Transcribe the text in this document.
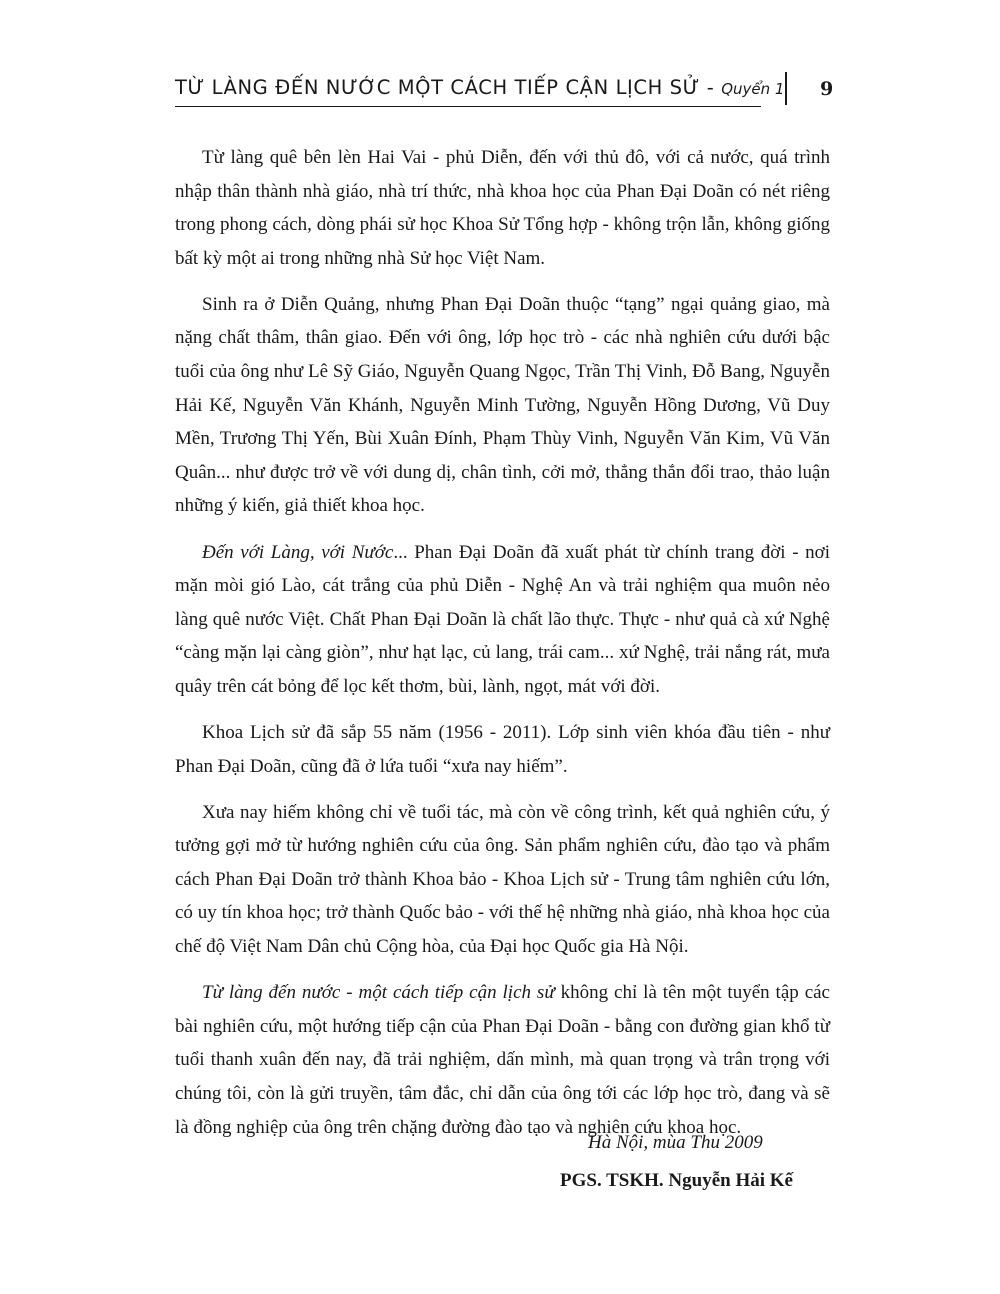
TỪ LÀNG ĐẾN NƯỚC MỘT CÁCH TIẾP CẬN LỊCH SỬ - Quyển 1 9

Từ làng quê bên lèn Hai Vai - phủ Diễn, đến với thủ đô, với cả nước, quá trình nhập thân thành nhà giáo, nhà trí thức, nhà khoa học của Phan Đại Doãn có nét riêng trong phong cách, dòng phái sử học Khoa Sử Tổng hợp - không trộn lẫn, không giống bất kỳ một ai trong những nhà Sử học Việt Nam.

Sinh ra ở Diễn Quảng, nhưng Phan Đại Doãn thuộc “tạng” ngại quảng giao, mà nặng chất thâm, thân giao. Đến với ông, lớp học trò - các nhà nghiên cứu dưới bậc tuổi của ông như Lê Sỹ Giáo, Nguyễn Quang Ngọc, Trần Thị Vinh, Đỗ Bang, Nguyễn Hải Kế, Nguyễn Văn Khánh, Nguyễn Minh Tường, Nguyễn Hồng Dương, Vũ Duy Mền, Trương Thị Yến, Bùi Xuân Đính, Phạm Thùy Vinh, Nguyễn Văn Kim, Vũ Văn Quân... như được trở về với dung dị, chân tình, cởi mở, thẳng thắn đổi trao, thảo luận những ý kiến, giả thiết khoa học.

Đến với Làng, với Nước... Phan Đại Doãn đã xuất phát từ chính trang đời - nơi mặn mòi gió Lào, cát trắng của phủ Diễn - Nghệ An và trải nghiệm qua muôn nẻo làng quê nước Việt. Chất Phan Đại Doãn là chất lão thực. Thực - như quả cà xứ Nghệ “càng mặn lại càng giòn”, như hạt lạc, củ lang, trái cam... xứ Nghệ, trải nắng rát, mưa quây trên cát bỏng để lọc kết thơm, bùi, lành, ngọt, mát với đời.

Khoa Lịch sử đã sắp 55 năm (1956 - 2011). Lớp sinh viên khóa đầu tiên - như Phan Đại Doãn, cũng đã ở lứa tuổi “xưa nay hiếm”.

Xưa nay hiếm không chỉ về tuổi tác, mà còn về công trình, kết quả nghiên cứu, ý tưởng gợi mở từ hướng nghiên cứu của ông. Sản phẩm nghiên cứu, đào tạo và phẩm cách Phan Đại Doãn trở thành Khoa bảo - Khoa Lịch sử - Trung tâm nghiên cứu lớn, có uy tín khoa học; trở thành Quốc bảo - với thế hệ những nhà giáo, nhà khoa học của chế độ Việt Nam Dân chủ Cộng hòa, của Đại học Quốc gia Hà Nội.

Từ làng đến nước - một cách tiếp cận lịch sử không chỉ là tên một tuyển tập các bài nghiên cứu, một hướng tiếp cận của Phan Đại Doãn - bằng con đường gian khổ từ tuổi thanh xuân đến nay, đã trải nghiệm, dấn mình, mà quan trọng và trân trọng với chúng tôi, còn là gửi truyền, tâm đắc, chỉ dẫn của ông tới các lớp học trò, đang và sẽ là đồng nghiệp của ông trên chặng đường đào tạo và nghiên cứu khoa học.

Hà Nội, mùa Thu 2009
PGS. TSKH. Nguyễn Hải Kế
